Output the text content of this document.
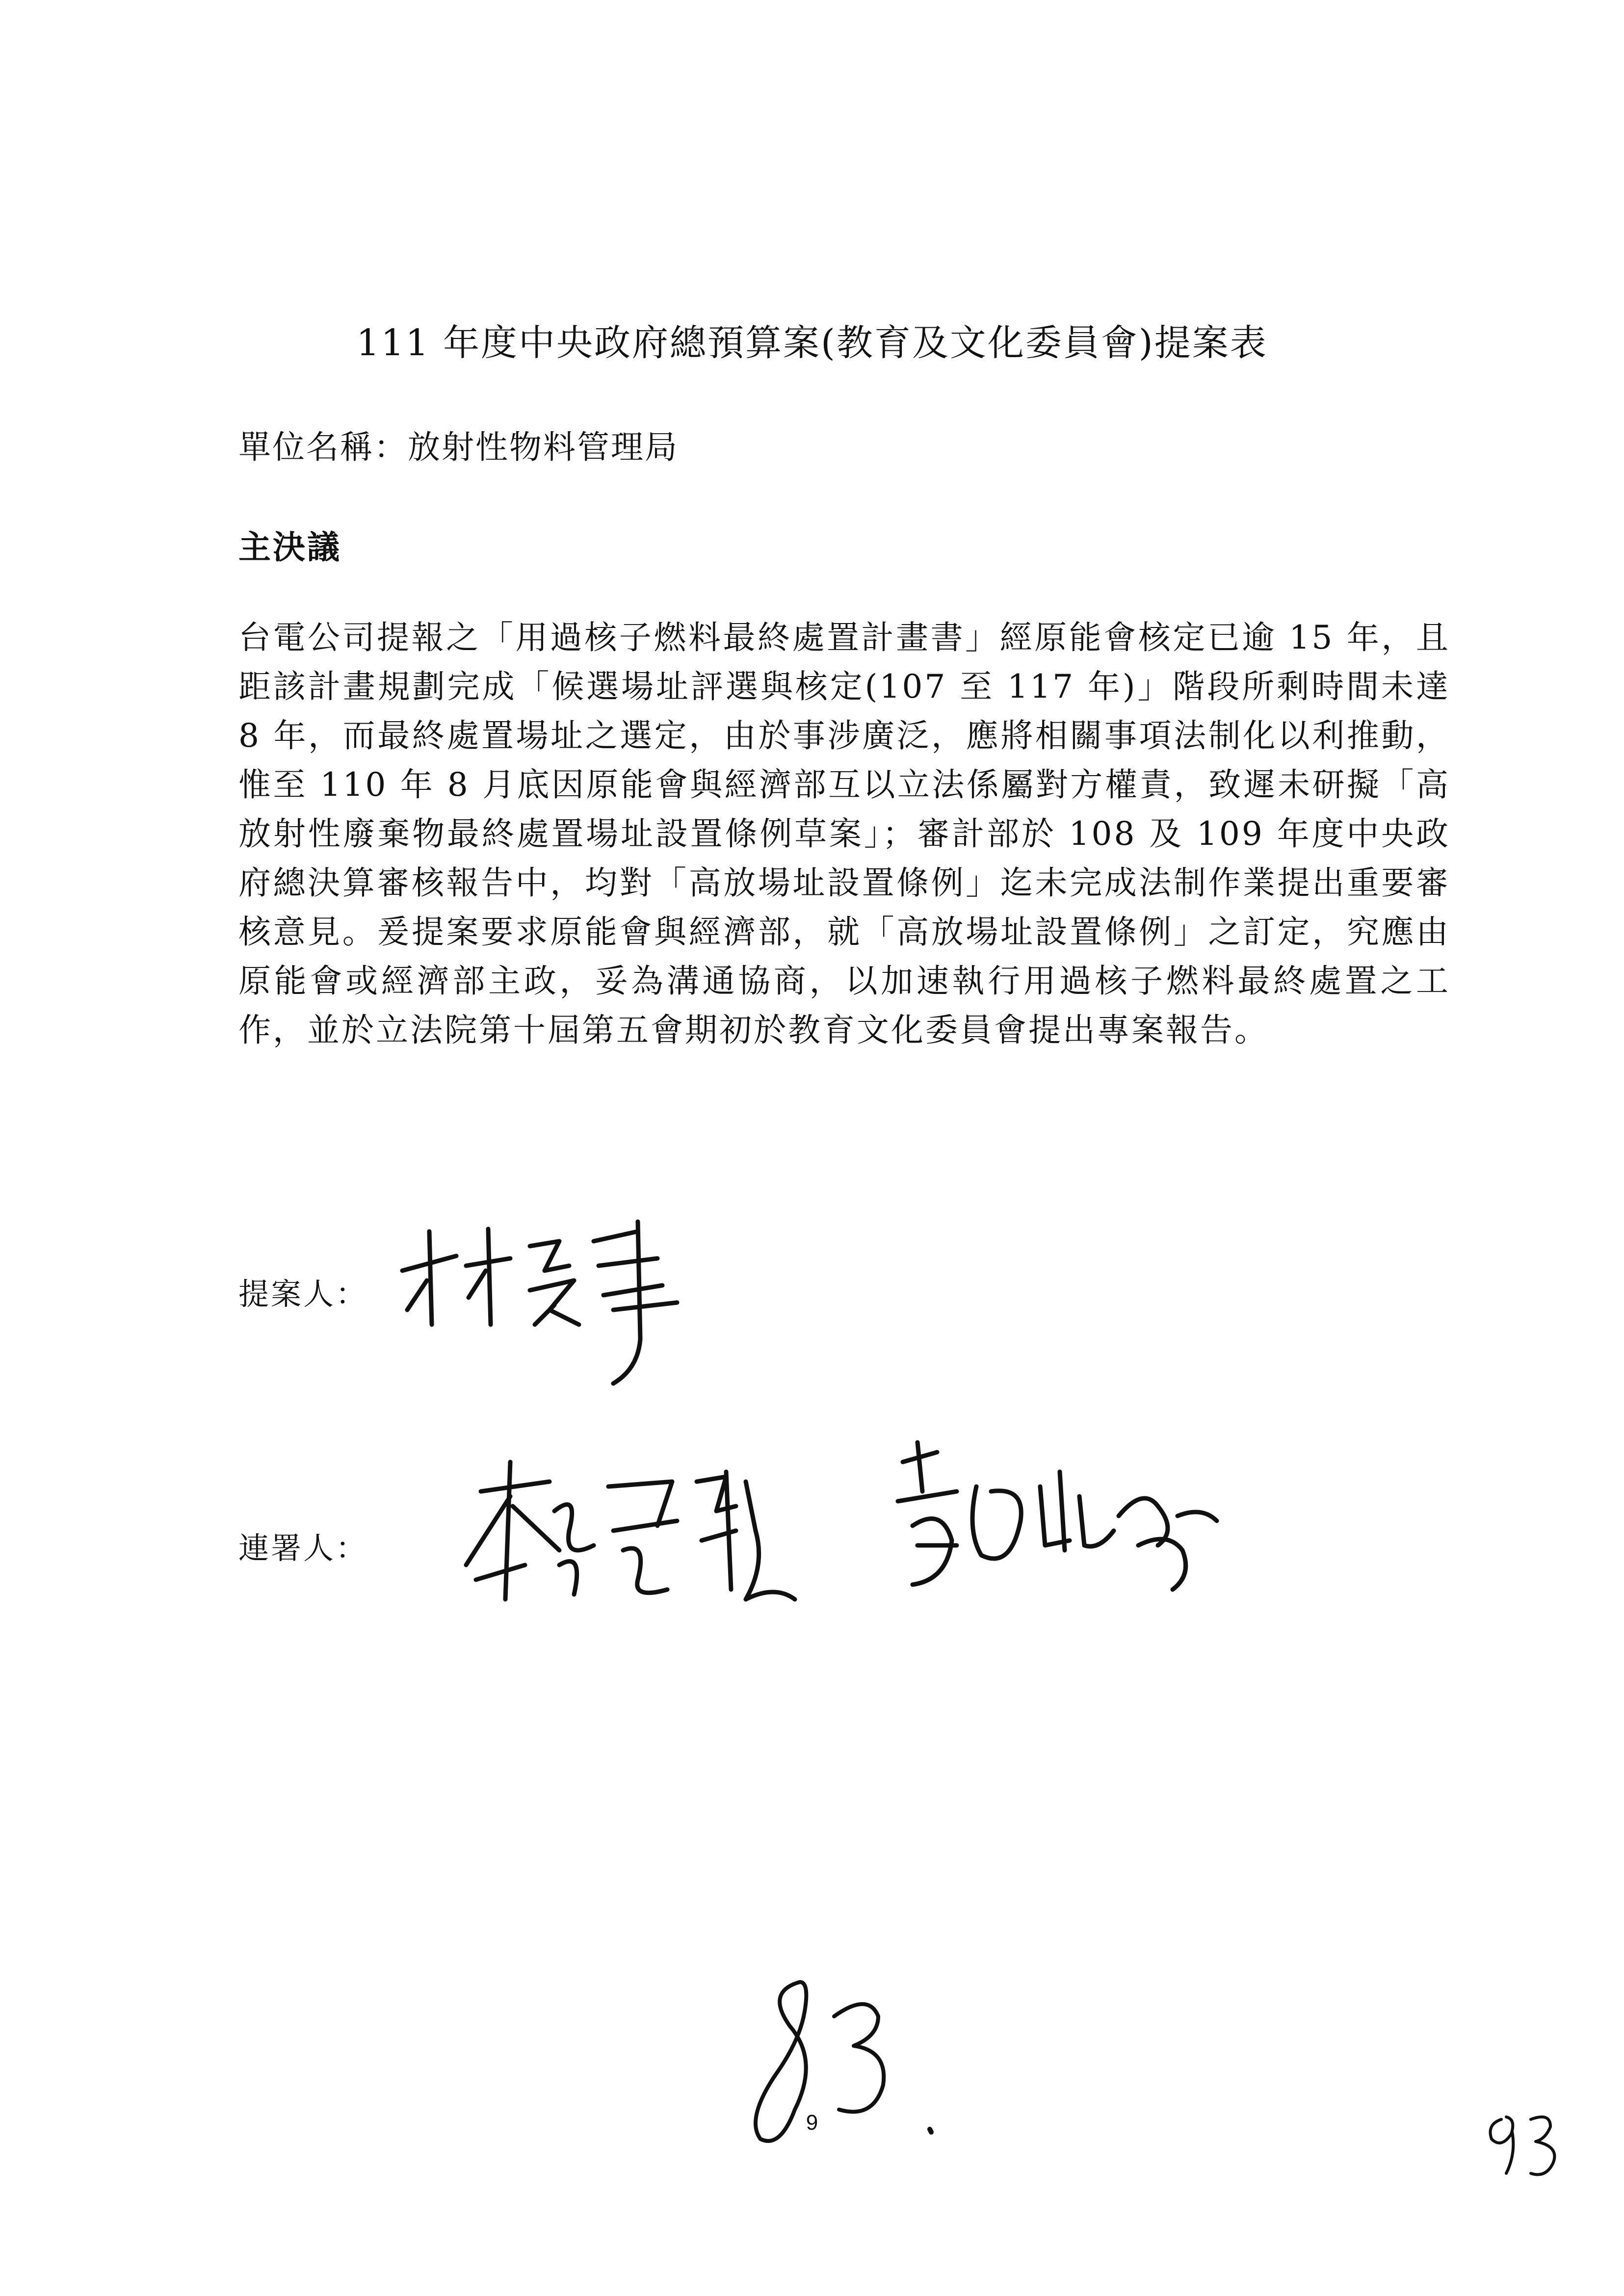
111 年度中央政府總預算案(教育及文化委員會)提案表
單位名稱：放射性物料管理局
主決議

台電公司提報之「用過核子燃料最終處置計畫書」經原能會核定已逾 15 年，且距該計畫規劃完成「候選場址評選與核定(107 至 117 年)」階段所剩時間未達 8 年，而最終處置場址之選定，由於事涉廣泛，應將相關事項法制化以利推動，惟至 110 年 8 月底因原能會與經濟部互以立法係屬對方權責，致遲未研擬「高放射性廢棄物最終處置場址設置條例草案」；審計部於 108 及 109 年度中央政府總決算審核報告中，均對「高放場址設置條例」迄未完成法制作業提出重要審核意見。爰提案要求原能會與經濟部，就「高放場址設置條例」之訂定，究應由原能會或經濟部主政，妥為溝通協商，以加速執行用過核子燃料最終處置之工作，並於立法院第十屆第五會期初於教育文化委員會提出專案報告。

提案人：
連署人：
9
